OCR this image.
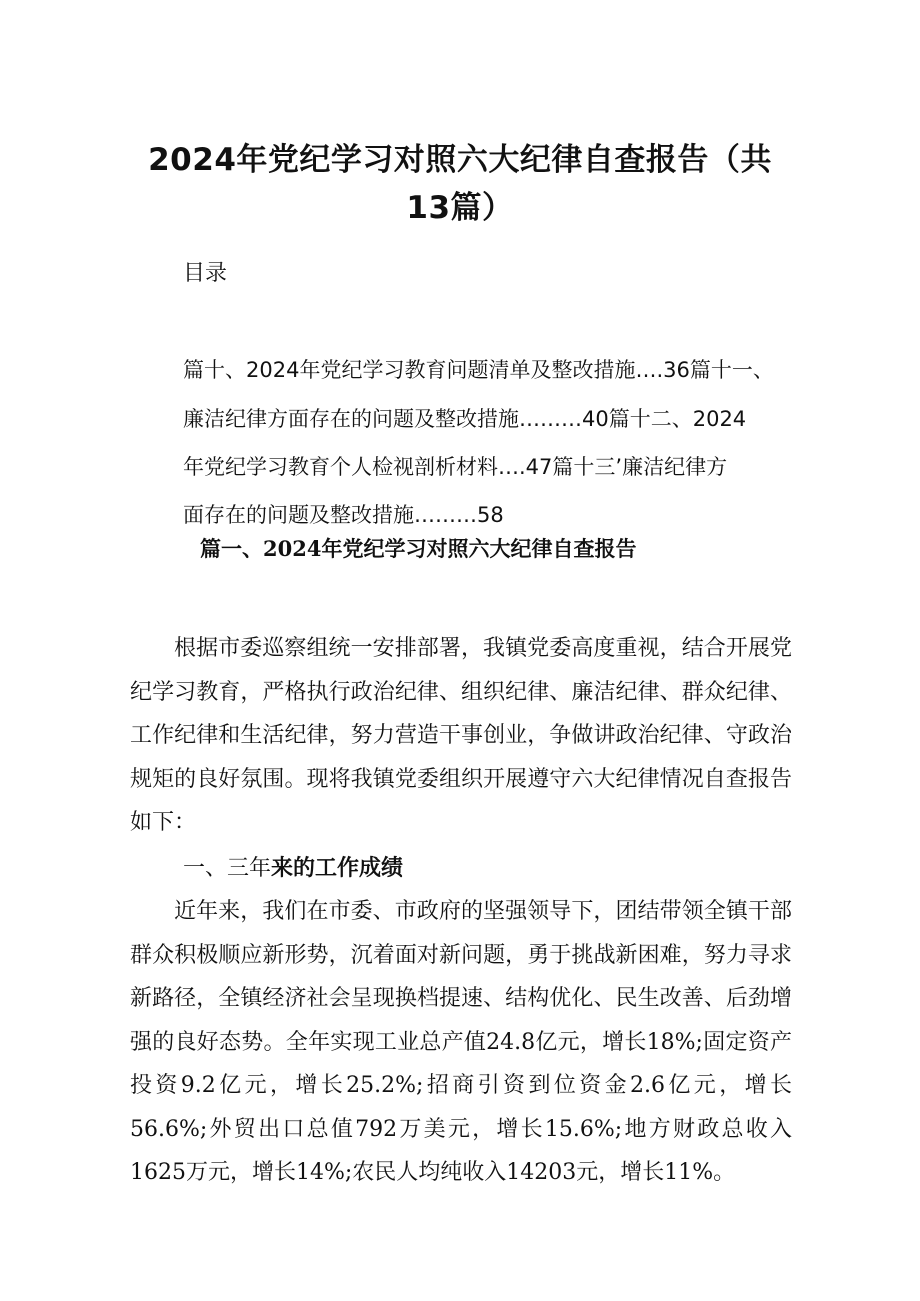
2024年党纪学习对照六大纪律自查报告（共
13篇）
目录
篇十、2024年党纪学习教育问题清单及整改措施….36篇十一、
廉洁纪律方面存在的问题及整改措施………40篇十二、2024
年党纪学习教育个人检视剖析材料….47篇十三’廉洁纪律方
面存在的问题及整改措施………58
篇一、2024年党纪学习对照六大纪律自查报告

根据市委巡察组统一安排部署，我镇党委高度重视，结合开展党纪学习教育，严格执行政治纪律、组织纪律、廉洁纪律、群众纪律、工作纪律和生活纪律，努力营造干事创业，争做讲政治纪律、守政治规矩的良好氛围。现将我镇党委组织开展遵守六大纪律情况自查报告如下：

一、三年来的工作成绩

近年来，我们在市委、市政府的坚强领导下，团结带领全镇干部群众积极顺应新形势，沉着面对新问题，勇于挑战新困难，努力寻求新路径，全镇经济社会呈现换档提速、结构优化、民生改善、后劲增强的良好态势。全年实现工业总产值24.8亿元，增长18%;固定资产投资9.2亿元，增长25.2%;招商引资到位资金2.6亿元，增长56.6%;外贸出口总值792万美元，增长15.6%;地方财政总收入1625万元，增长14%;农民人均纯收入14203元，增长11%。
